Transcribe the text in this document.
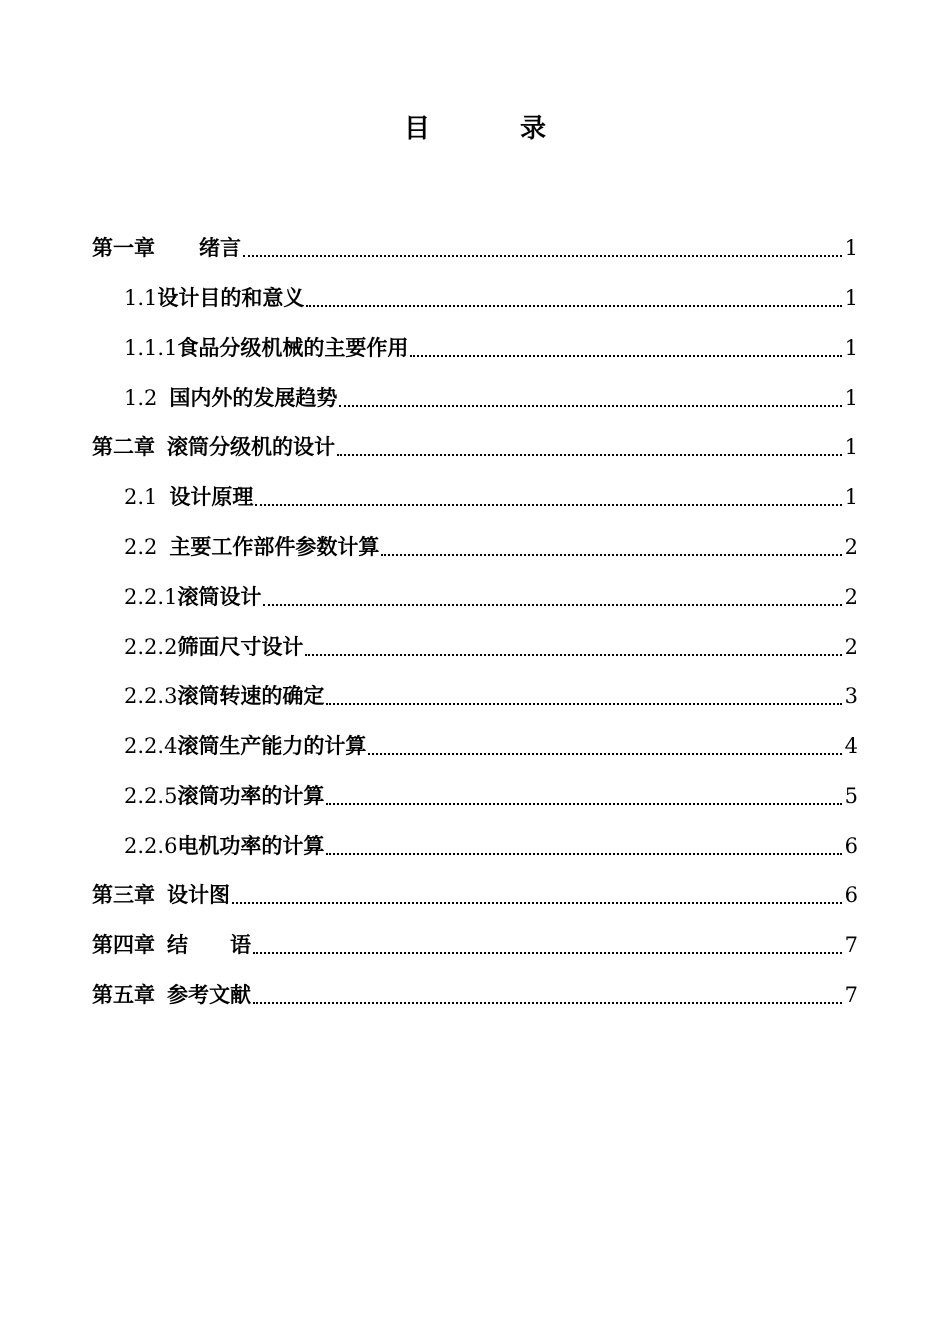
目	录
第一章 绪言	1
1.1设计目的和意义	1
1.1.1食品分级机械的主要作用	1
1.2 国内外的发展趋势	1
第二章 滚筒分级机的设计	1
2.1 设计原理	1
2.2 主要工作部件参数计算	2
2.2.1滚筒设计	2
2.2.2筛面尺寸设计	2
2.2.3滚筒转速的确定	3
2.2.4滚筒生产能力的计算	4
2.2.5滚筒功率的计算	5
2.2.6电机功率的计算	6
第三章 设计图	6
第四章 结　　语	7
第五章 参考文献	7
